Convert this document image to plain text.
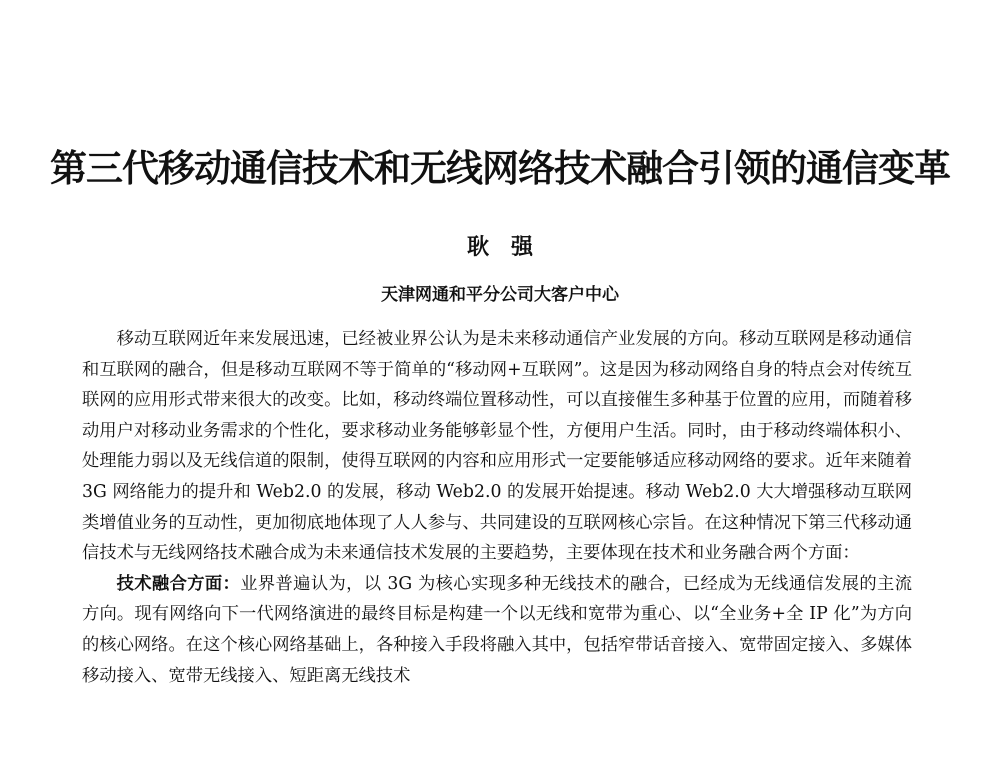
第三代移动通信技术和无线网络技术融合引领的通信变革
耿强
天津网通和平分公司大客户中心

移动互联网近年来发展迅速，已经被业界公认为是未来移动通信产业发展的方向。移动互联网是移动通信和互联网的融合，但是移动互联网不等于简单的“移动网+互联网”。这是因为移动网络自身的特点会对传统互联网的应用形式带来很大的改变。比如，移动终端位置移动性，可以直接催生多种基于位置的应用，而随着移动用户对移动业务需求的个性化，要求移动业务能够彰显个性，方便用户生活。同时，由于移动终端体积小、处理能力弱以及无线信道的限制，使得互联网的内容和应用形式一定要能够适应移动网络的要求。近年来随着3G 网络能力的提升和 Web2.0 的发展，移动 Web2.0 的发展开始提速。移动 Web2.0 大大增强移动互联网类增值业务的互动性，更加彻底地体现了人人参与、共同建设的互联网核心宗旨。在这种情况下第三代移动通信技术与无线网络技术融合成为未来通信技术发展的主要趋势，主要体现在技术和业务融合两个方面：

技术融合方面：业界普遍认为，以 3G 为核心实现多种无线技术的融合，已经成为无线通信发展的主流方向。现有网络向下一代网络演进的最终目标是构建一个以无线和宽带为重心、以“全业务+全 IP 化”为方向的核心网络。在这个核心网络基础上，各种接入手段将融入其中，包括窄带话音接入、宽带固定接入、多媒体移动接入、宽带无线接入、短距离无线技术
